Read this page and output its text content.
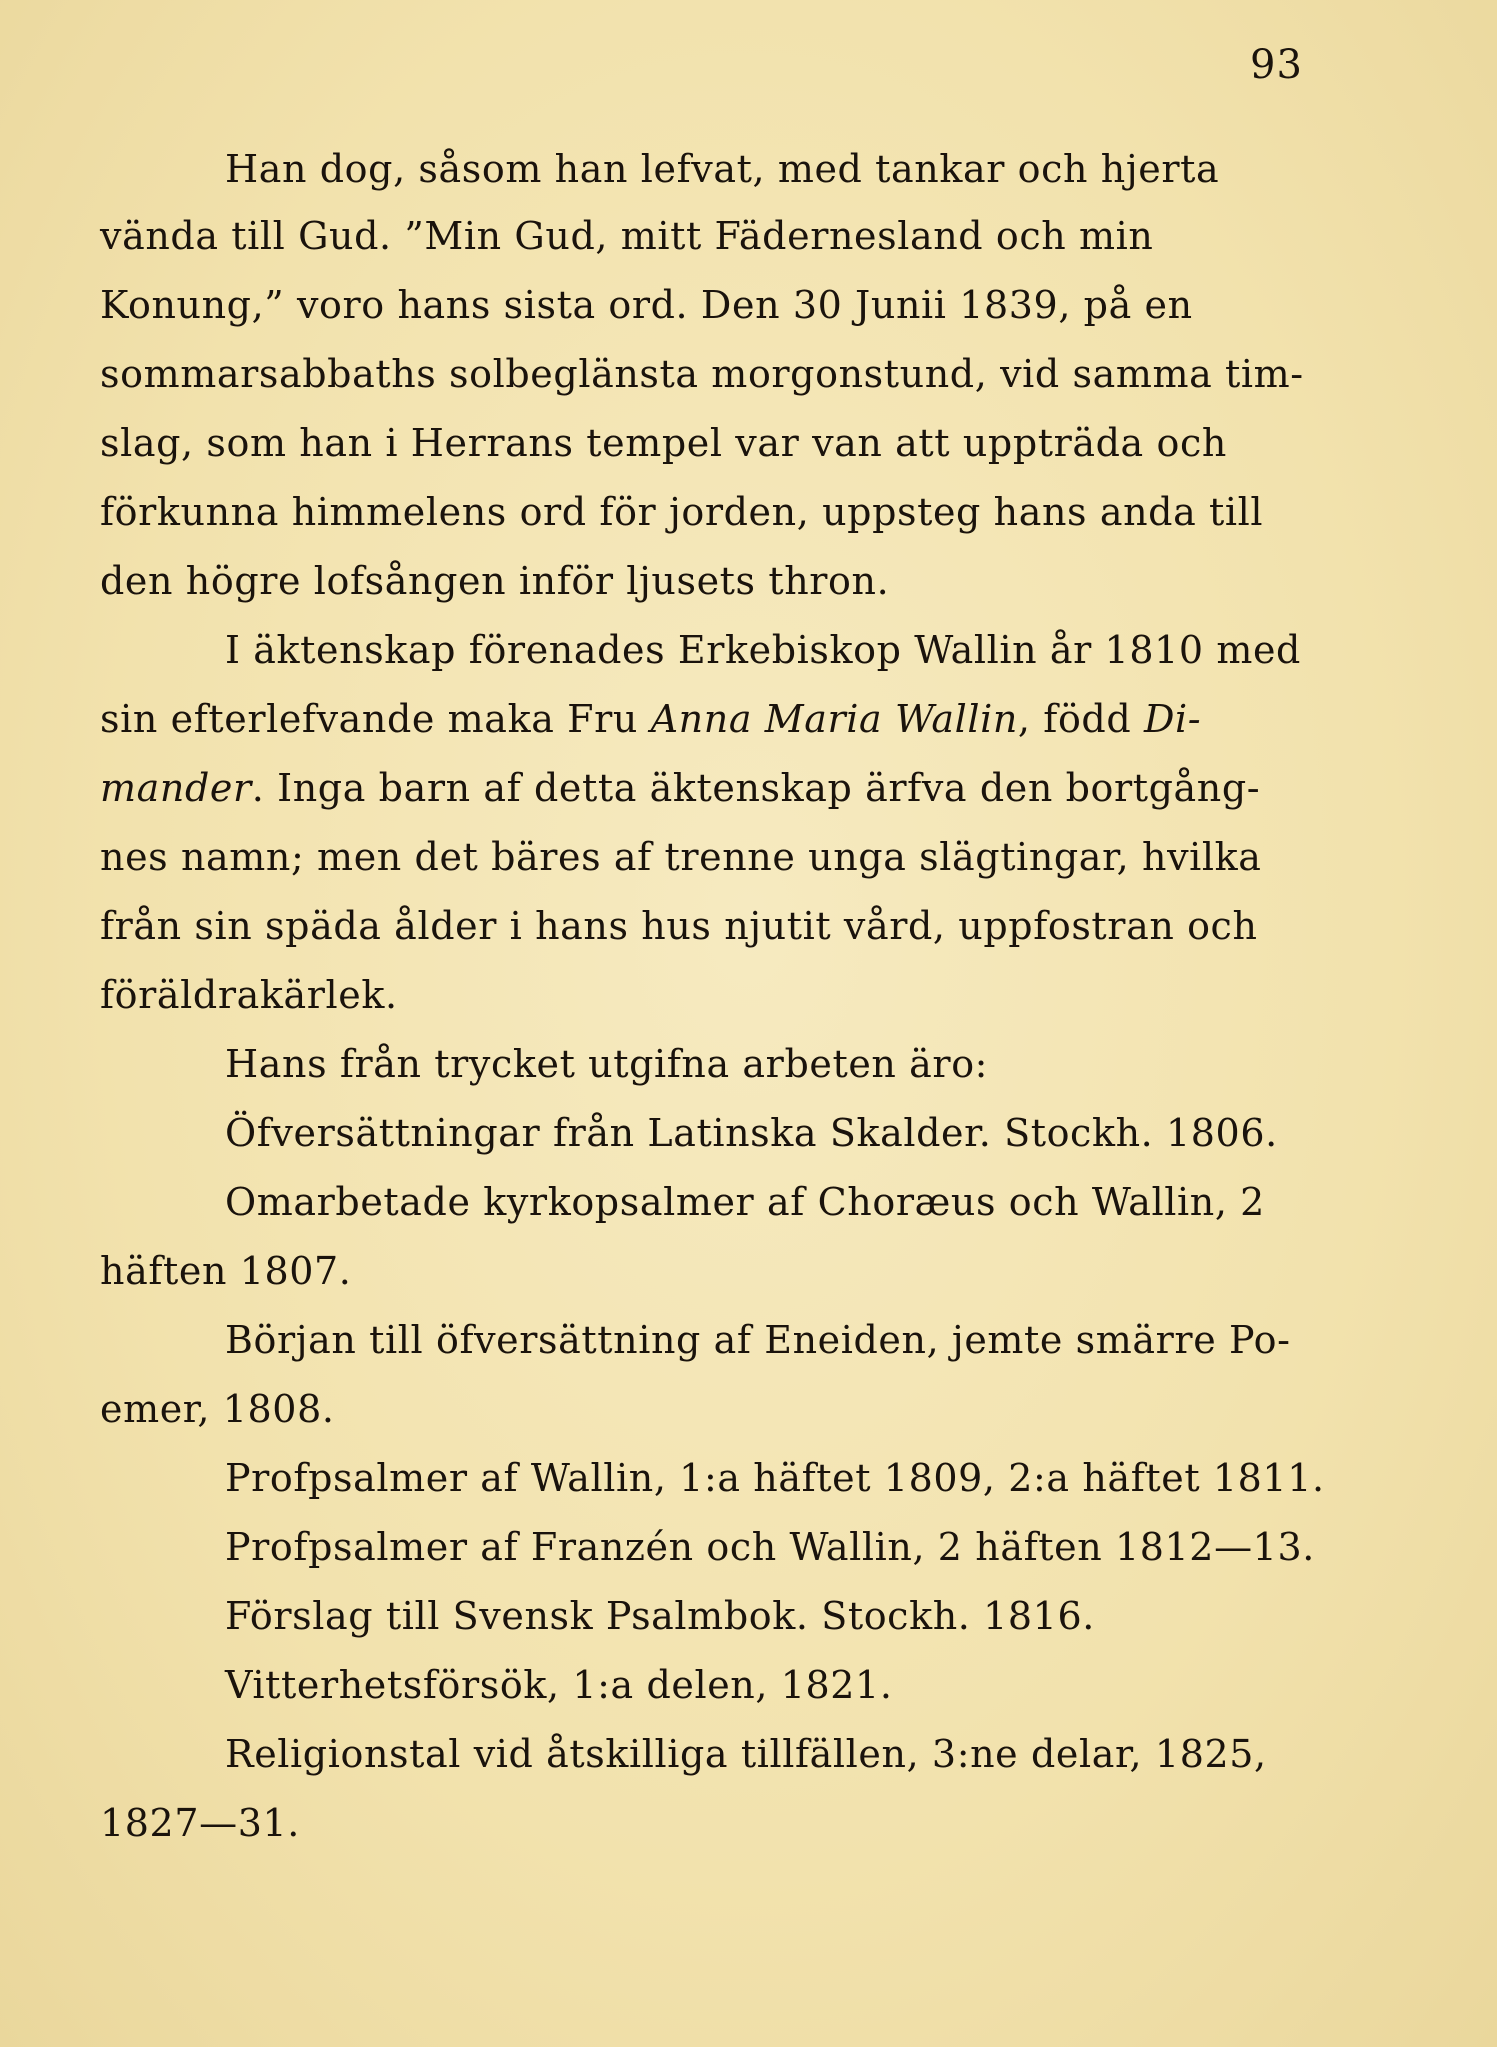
93
Han dog, såsom han lefvat, med tankar och hjerta
vända till Gud. ”Min Gud, mitt Fädernesland och min
Konung,” voro hans sista ord. Den 30 Junii 1839, på en
sommarsabbaths solbeglänsta morgonstund, vid samma tim-
slag, som han i Herrans tempel var van att uppträda och
förkunna himmelens ord för jorden, uppsteg hans anda till
den högre lofsången inför ljusets thron.
I äktenskap förenades Erkebiskop Wallin år 1810 med
sin efterlefvande maka Fru Anna Maria Wallin, född Di-
mander. Inga barn af detta äktenskap ärfva den bortgång-
nes namn; men det bäres af trenne unga slägtingar, hvilka
från sin späda ålder i hans hus njutit vård, uppfostran och
föräldrakärlek.
Hans från trycket utgifna arbeten äro:
Öfversättningar från Latinska Skalder. Stockh. 1806.
Omarbetade kyrkopsalmer af Choræus och Wallin, 2
häften 1807.
Början till öfversättning af Eneiden, jemte smärre Po-
emer, 1808.
Profpsalmer af Wallin, 1:a häftet 1809, 2:a häftet 1811.
Profpsalmer af Franzén och Wallin, 2 häften 1812—13.
Förslag till Svensk Psalmbok. Stockh. 1816.
Vitterhetsförsök, 1:a delen, 1821.
Religionstal vid åtskilliga tillfällen, 3:ne delar, 1825,
1827—31.
